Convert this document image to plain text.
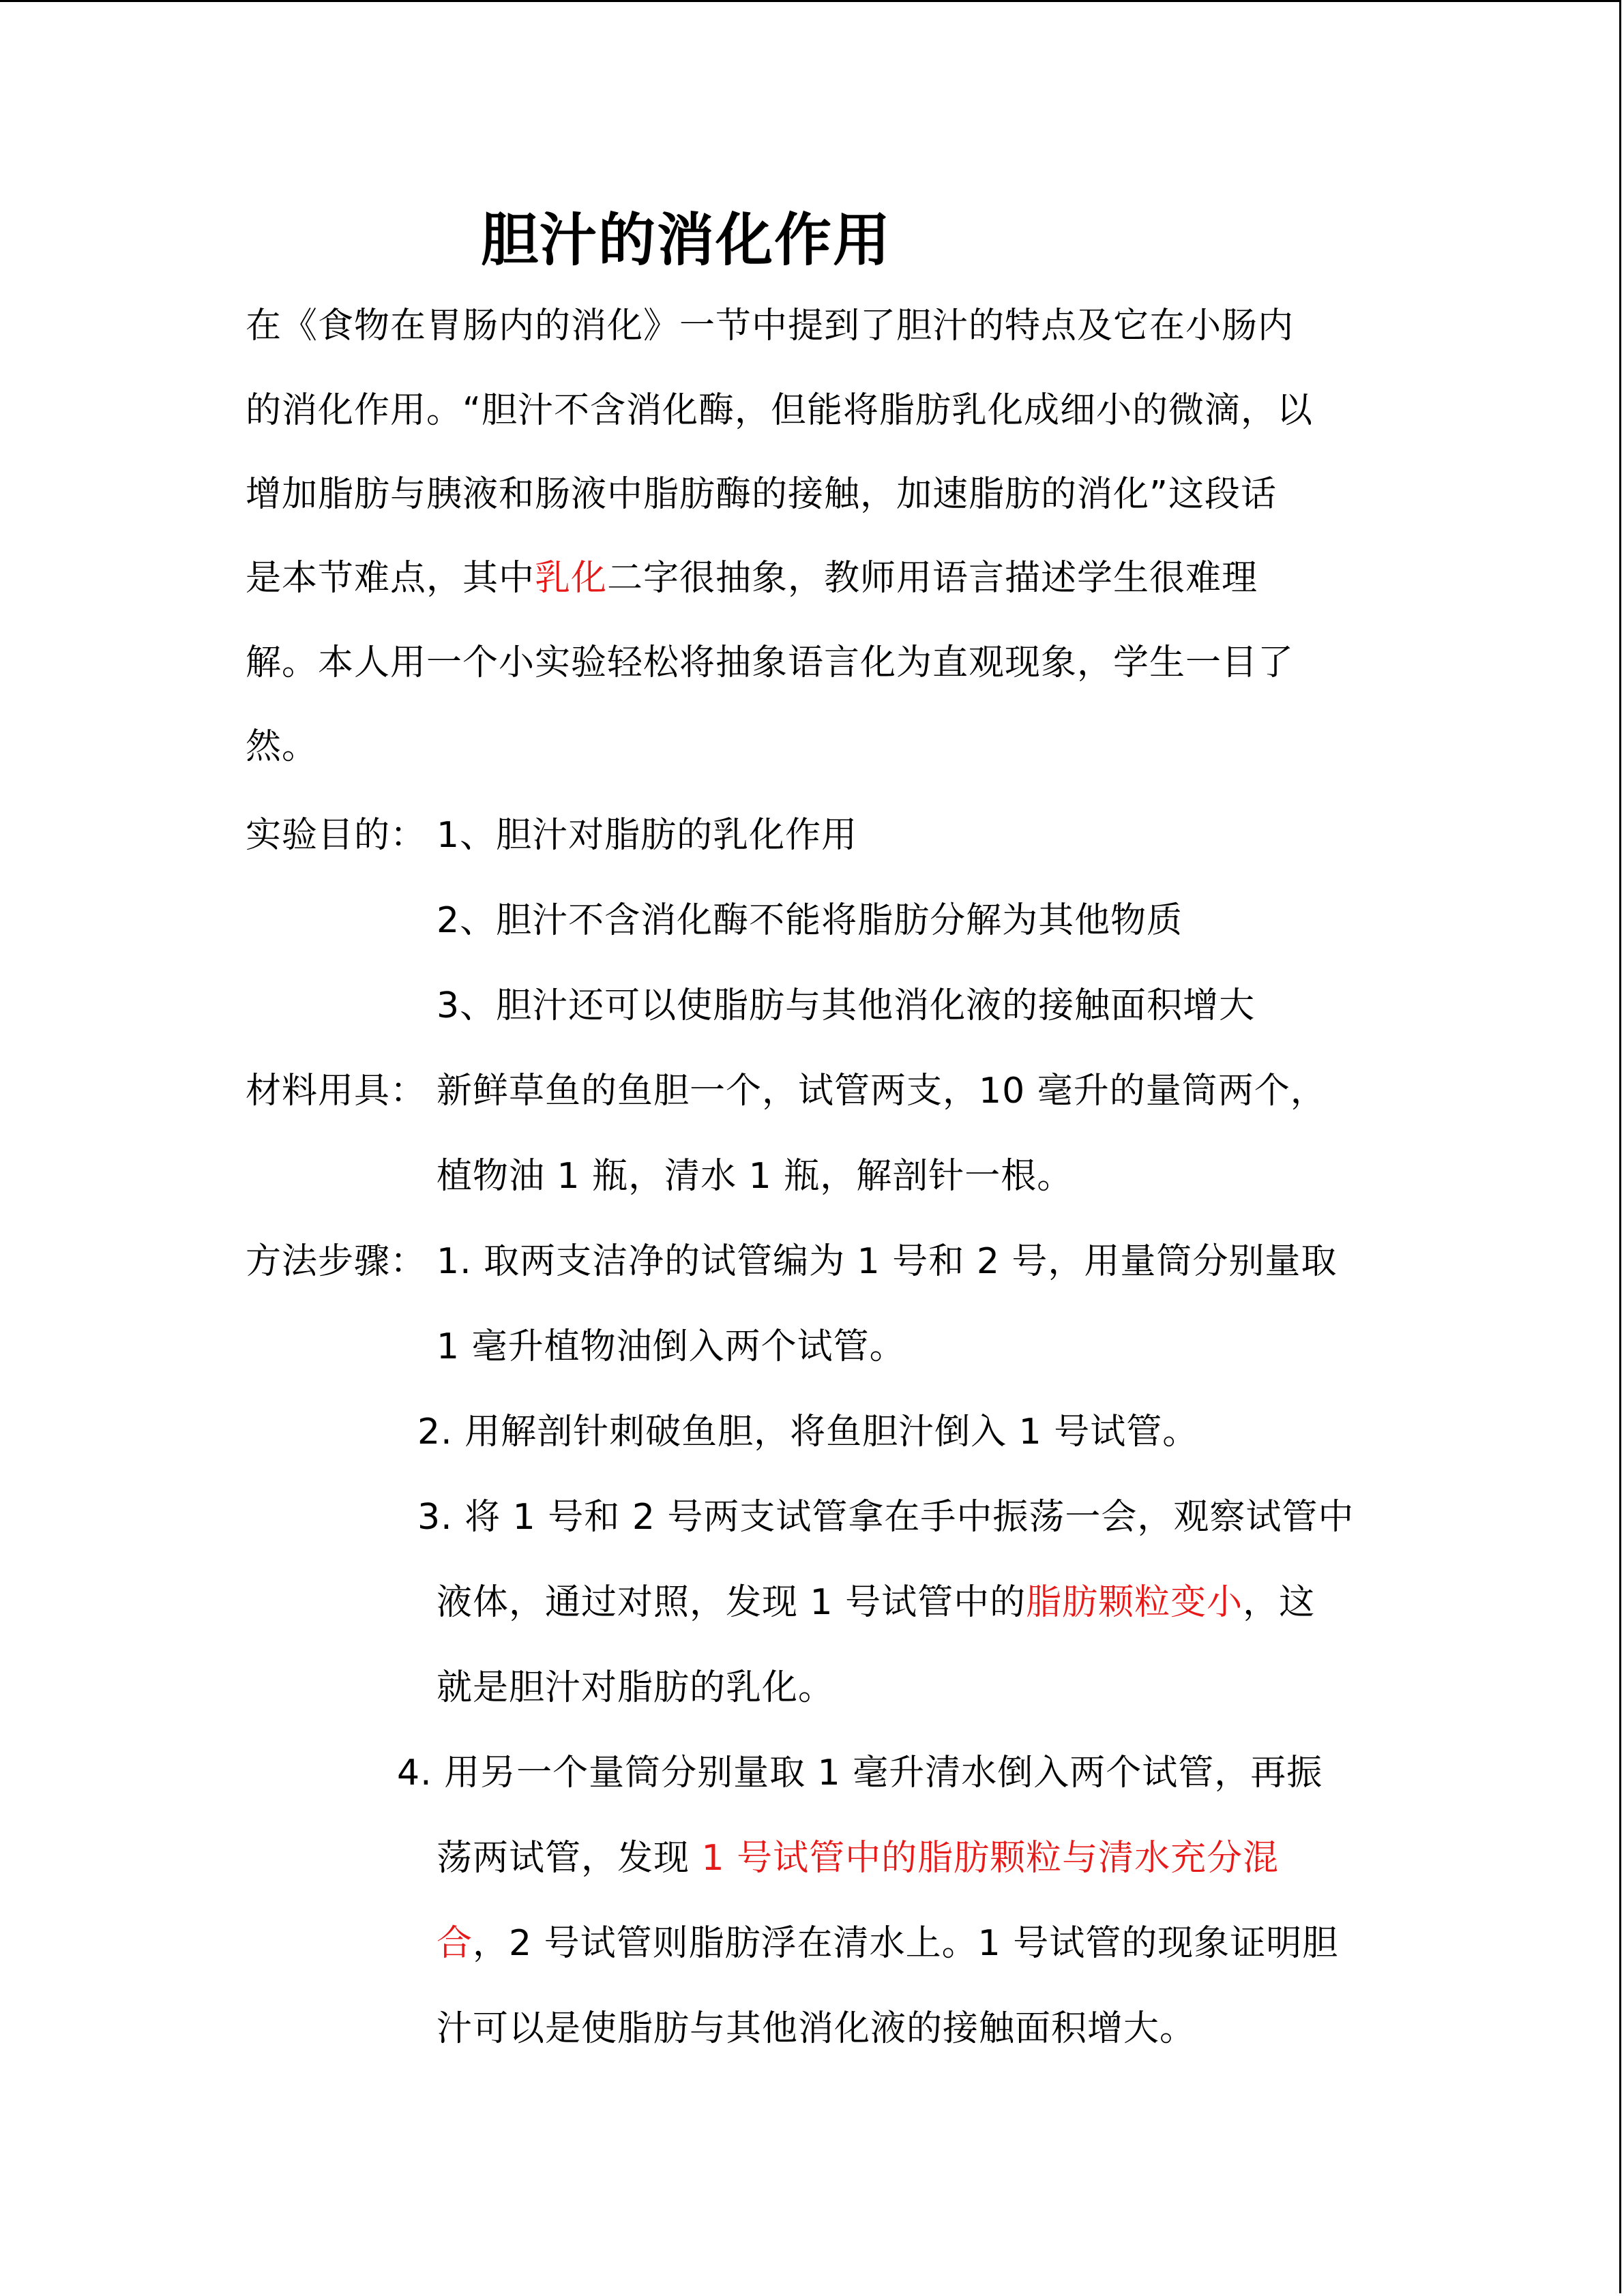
胆汁的消化作用
在《食物在胃肠内的消化》一节中提到了胆汁的特点及它在小肠内
的消化作用。“胆汁不含消化酶，但能将脂肪乳化成细小的微滴，以
增加脂肪与胰液和肠液中脂肪酶的接触，加速脂肪的消化”这段话
是本节难点，其中乳化二字很抽象，教师用语言描述学生很难理
解。本人用一个小实验轻松将抽象语言化为直观现象，学生一目了
然。
实验目的： 1、胆汁对脂肪的乳化作用
2、胆汁不含消化酶不能将脂肪分解为其他物质
3、胆汁还可以使脂肪与其他消化液的接触面积增大
材料用具： 新鲜草鱼的鱼胆一个，试管两支，10 毫升的量筒两个，
植物油 1 瓶，清水 1 瓶，解剖针一根。
方法步骤： 1. 取两支洁净的试管编为 1 号和 2 号，用量筒分别量取
1 毫升植物油倒入两个试管。
2. 用解剖针刺破鱼胆，将鱼胆汁倒入 1 号试管。
3. 将 1 号和 2 号两支试管拿在手中振荡一会，观察试管中
液体，通过对照，发现 1 号试管中的脂肪颗粒变小，这
就是胆汁对脂肪的乳化。
4. 用另一个量筒分别量取 1 毫升清水倒入两个试管，再振
荡两试管，发现 1 号试管中的脂肪颗粒与清水充分混
合，2 号试管则脂肪浮在清水上。1 号试管的现象证明胆
汁可以是使脂肪与其他消化液的接触面积增大。
